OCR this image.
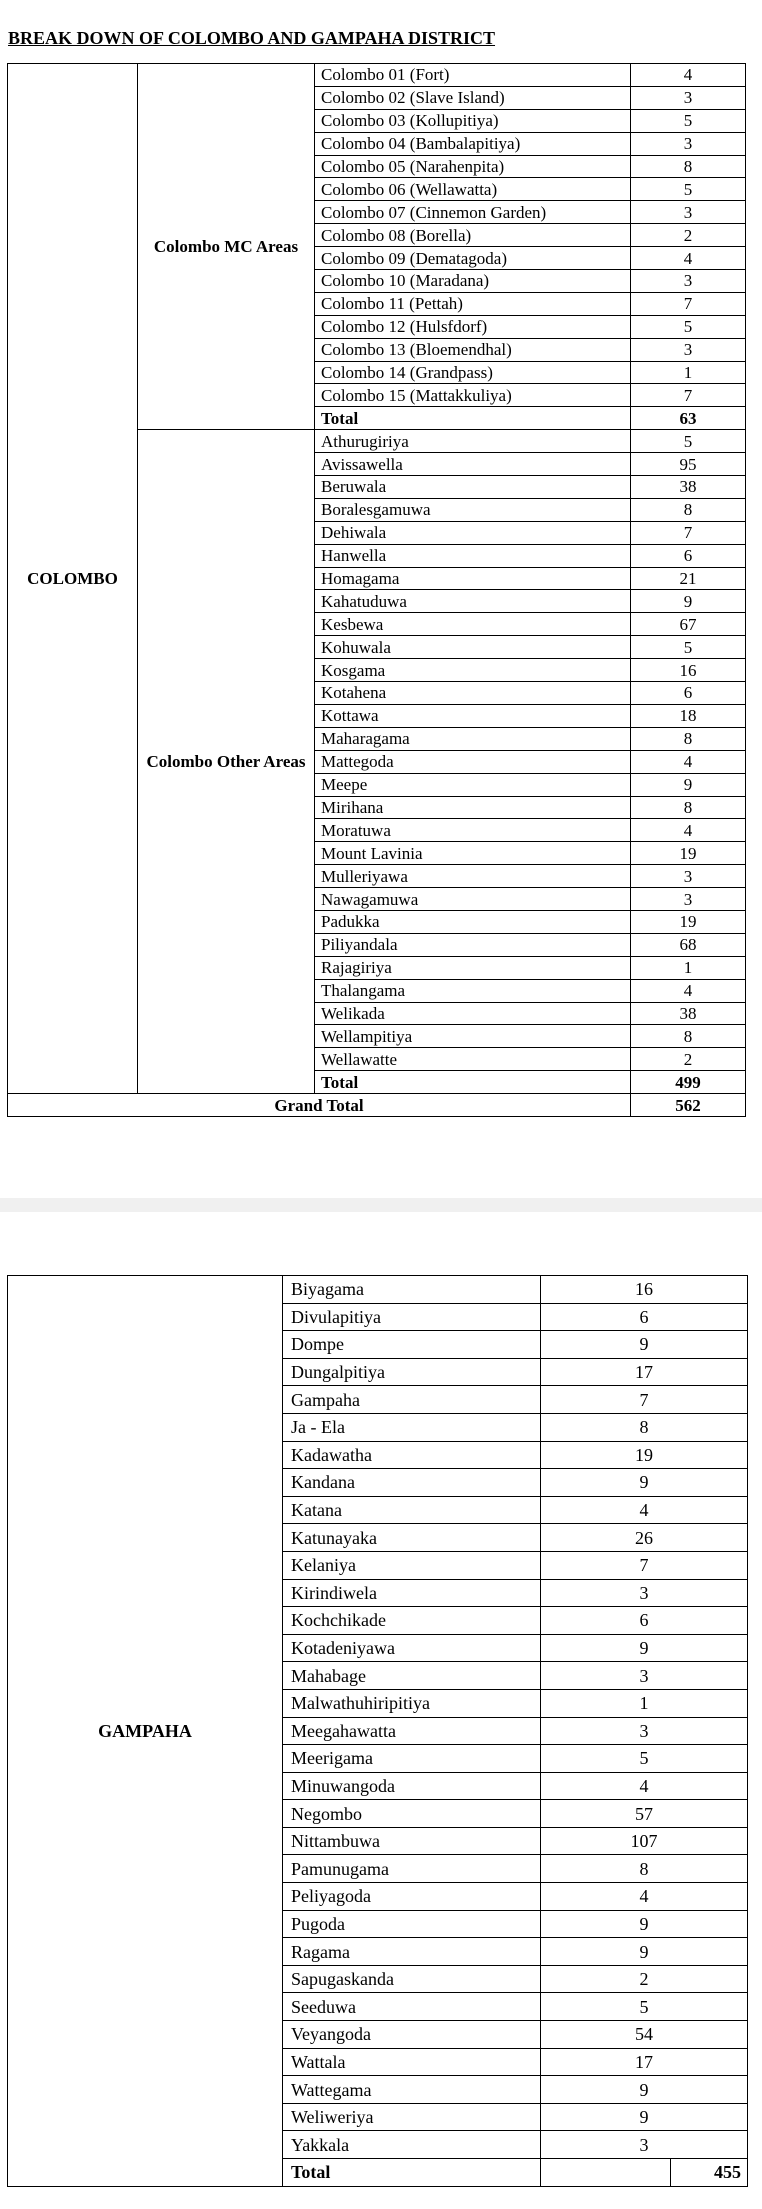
BREAK DOWN OF COLOMBO AND GAMPAHA DISTRICT
COLOMBO	Colombo MC Areas	Colombo 01 (Fort)	4
		Colombo 02 (Slave Island)	3
		Colombo 03 (Kollupitiya)	5
		Colombo 04 (Bambalapitiya)	3
		Colombo 05 (Narahenpita)	8
		Colombo 06 (Wellawatta)	5
		Colombo 07 (Cinnemon Garden)	3
		Colombo 08 (Borella)	2
		Colombo 09 (Dematagoda)	4
		Colombo 10 (Maradana)	3
		Colombo 11 (Pettah)	7
		Colombo 12 (Hulsfdorf)	5
		Colombo 13 (Bloemendhal)	3
		Colombo 14 (Grandpass)	1
		Colombo 15 (Mattakkuliya)	7
		Total	63
	Colombo Other Areas	Athurugiriya	5
		Avissawella	95
		Beruwala	38
		Boralesgamuwa	8
		Dehiwala	7
		Hanwella	6
		Homagama	21
		Kahatuduwa	9
		Kesbewa	67
		Kohuwala	5
		Kosgama	16
		Kotahena	6
		Kottawa	18
		Maharagama	8
		Mattegoda	4
		Meepe	9
		Mirihana	8
		Moratuwa	4
		Mount Lavinia	19
		Mulleriyawa	3
		Nawagamuwa	3
		Padukka	19
		Piliyandala	68
		Rajagiriya	1
		Thalangama	4
		Welikada	38
		Wellampitiya	8
		Wellawatte	2
		Total	499
Grand Total			562
GAMPAHA	Biyagama	16	
	Divulapitiya	6	
	Dompe	9	
	Dungalpitiya	17	
	Gampaha	7	
	Ja - Ela	8	
	Kadawatha	19	
	Kandana	9	
	Katana	4	
	Katunayaka	26	
	Kelaniya	7	
	Kirindiwela	3	
	Kochchikade	6	
	Kotadeniyawa	9	
	Mahabage	3	
	Malwathuhiripitiya	1	
	Meegahawatta	3	
	Meerigama	5	
	Minuwangoda	4	
	Negombo	57	
	Nittambuwa	107	
	Pamunugama	8	
	Peliyagoda	4	
	Pugoda	9	
	Ragama	9	
	Sapugaskanda	2	
	Seeduwa	5	
	Veyangoda	54	
	Wattala	17	
	Wattegama	9	
	Weliweriya	9	
	Yakkala	3	
	Total		455
